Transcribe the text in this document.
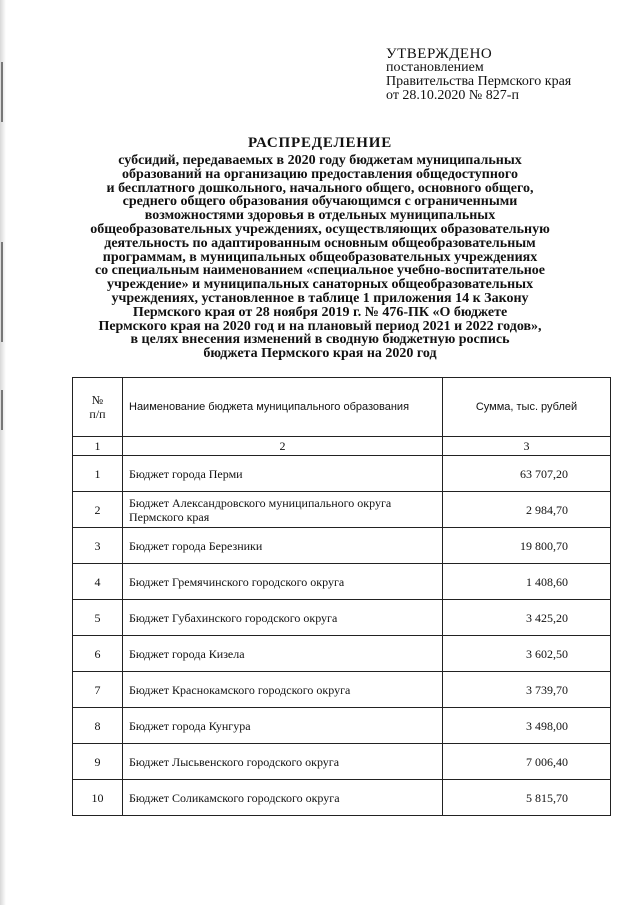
УТВЕРЖДЕНО
постановлением
Правительства Пермского края
от 28.10.2020 № 827-п
РАСПРЕДЕЛЕНИЕ
субсидий, передаваемых в 2020 году бюджетам муниципальных
образований на организацию предоставления общедоступного
и бесплатного дошкольного, начального общего, основного общего,
среднего общего образования обучающимся с ограниченными
возможностями здоровья в отдельных муниципальных
общеобразовательных учреждениях, осуществляющих образовательную
деятельность по адаптированным основным общеобразовательным
программам, в муниципальных общеобразовательных учреждениях
со специальным наименованием «специальное учебно-воспитательное
учреждение» и муниципальных санаторных общеобразовательных
учреждениях, установленное в таблице 1 приложения 14 к Закону
Пермского края от 28 ноября 2019 г. № 476-ПК «О бюджете
Пермского края на 2020 год и на плановый период 2021 и 2022 годов»,
в целях внесения изменений в сводную бюджетную роспись
бюджета Пермского края на 2020 год
№
п/п	Наименование бюджета муниципального образования	Сумма, тыс. рублей
1	2	3
1	Бюджет города Перми	63 707,20
2	Бюджет Александровского муниципального округа Пермского края	2 984,70
3	Бюджет города Березники	19 800,70
4	Бюджет Гремячинского городского округа	1 408,60
5	Бюджет Губахинского городского округа	3 425,20
6	Бюджет города Кизела	3 602,50
7	Бюджет Краснокамского городского округа	3 739,70
8	Бюджет города Кунгура	3 498,00
9	Бюджет Лысьвенского городского округа	7 006,40
10	Бюджет Соликамского городского округа	5 815,70
